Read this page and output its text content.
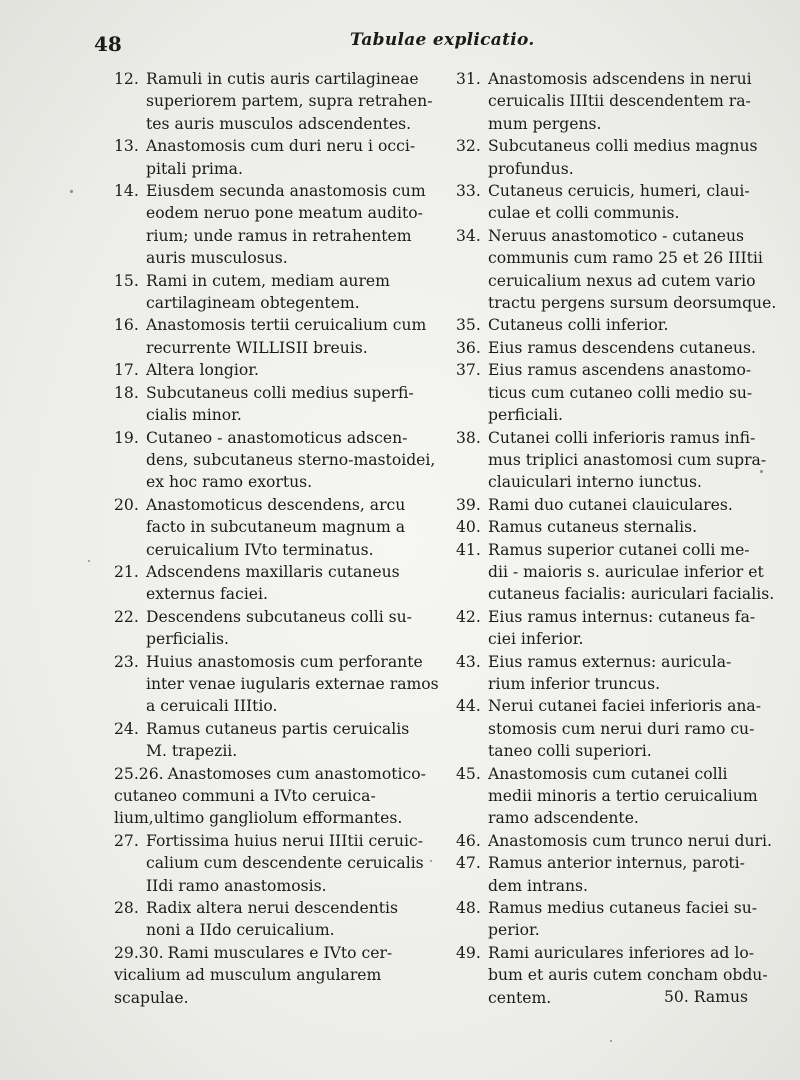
48	Tabulae explicatio.
12. Ramuli in cutis auris cartilagineae
superiorem partem, supra retrahen-
tes auris musculos adscendentes.
13. Anastomosis cum duri neru i occi-
pitali prima.
14. Eiusdem secunda anastomosis cum
eodem neruo pone meatum audito-
rium; unde ramus in retrahentem
auris musculosus.
15. Rami in cutem, mediam aurem
cartilagineam obtegentem.
16. Anastomosis tertii ceruicalium cum
recurrente WILLISII breuis.
17. Altera longior.
18. Subcutaneus colli medius superfi-
cialis minor.
19. Cutaneo - anastomoticus adscen-
dens, subcutaneus sterno-mastoidei,
ex hoc ramo exortus.
20. Anastomoticus descendens, arcu
facto in subcutaneum magnum a
ceruicalium IVto terminatus.
21. Adscendens maxillaris cutaneus
externus faciei.
22. Descendens subcutaneus colli su-
perficialis.
23. Huius anastomosis cum perforante
inter venae iugularis externae ramos
a ceruicali IIItio.
24. Ramus cutaneus partis ceruicalis
M. trapezii.
25.26. Anastomoses cum anastomotico-
cutaneo communi a IVto ceruica-
lium,ultimo gangliolum efformantes.
27. Fortissima huius nerui IIItii ceruic-
calium cum descendente ceruicalis
IIdi ramo anastomosis.
28. Radix altera nerui descendentis
noni a IIdo ceruicalium.
29.30. Rami musculares e IVto cer-
vicalium ad musculum angularem
scapulae.
31. Anastomosis adscendens in nerui
ceruicalis IIItii descendentem ra-
mum pergens.
32. Subcutaneus colli medius magnus
profundus.
33. Cutaneus ceruicis, humeri, claui-
culae et colli communis.
34. Neruus anastomotico - cutaneus
communis cum ramo 25 et 26 IIItii
ceruicalium nexus ad cutem vario
tractu pergens sursum deorsumque.
35. Cutaneus colli inferior.
36. Eius ramus descendens cutaneus.
37. Eius ramus ascendens anastomo-
ticus cum cutaneo colli medio su-
perficiali.
38. Cutanei colli inferioris ramus infi-
mus triplici anastomosi cum supra-
clauiculari interno iunctus.
39. Rami duo cutanei clauiculares.
40. Ramus cutaneus sternalis.
41. Ramus superior cutanei colli me-
dii - maioris s. auriculae inferior et
cutaneus facialis: auriculari facialis.
42. Eius ramus internus: cutaneus fa-
ciei inferior.
43. Eius ramus externus: auricula-
rium inferior truncus.
44. Nerui cutanei faciei inferioris ana-
stomosis cum nerui duri ramo cu-
taneo colli superiori.
45. Anastomosis cum cutanei colli
medii minoris a tertio ceruicalium
ramo adscendente.
46. Anastomosis cum trunco nerui duri.
47. Ramus anterior internus, paroti-
dem intrans.
48. Ramus medius cutaneus faciei su-
perior.
49. Rami auriculares inferiores ad lo-
bum et auris cutem concham obdu-
centem.	50. Ramus
